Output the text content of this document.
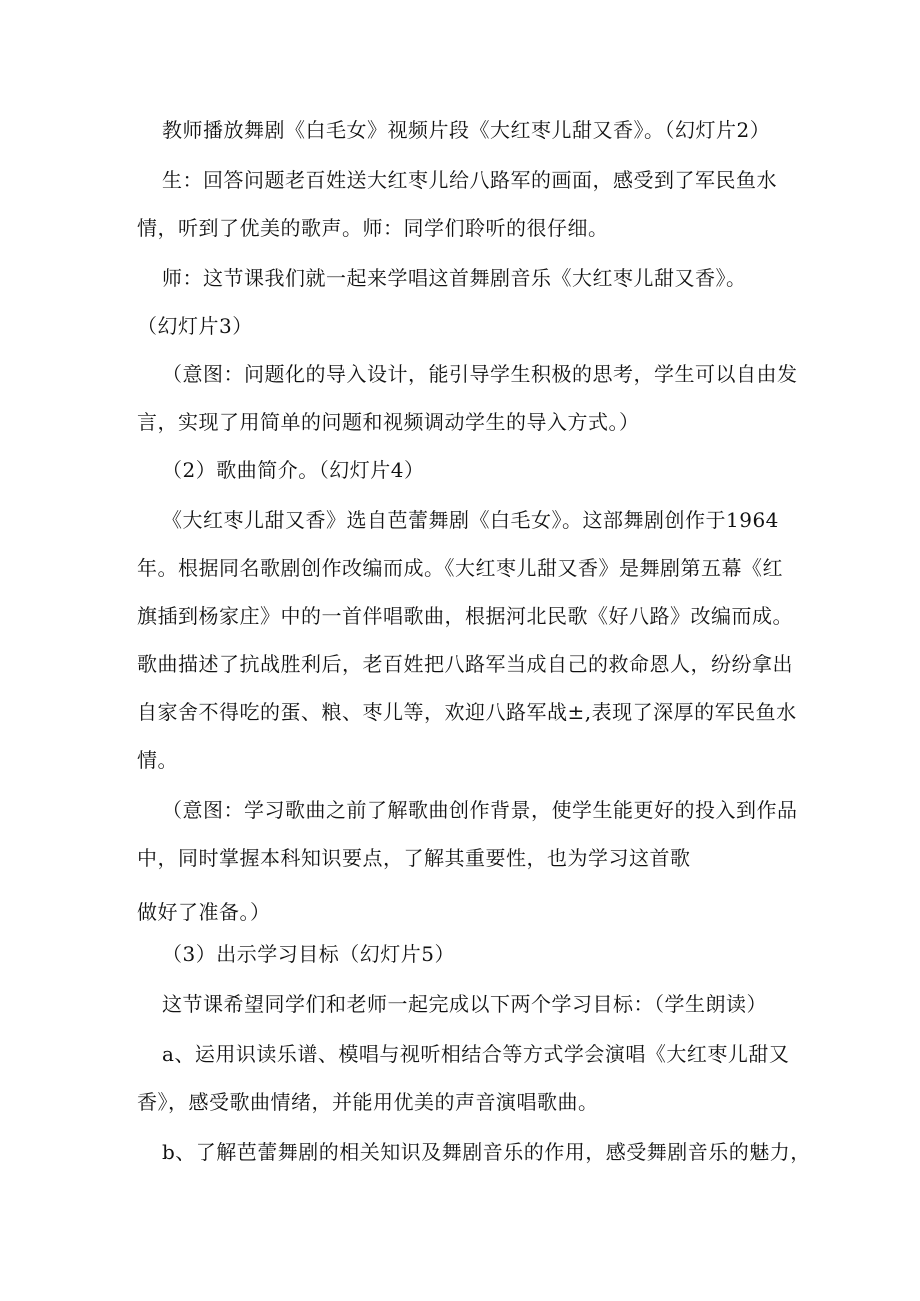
教师播放舞剧《白毛女》视频片段《大红枣儿甜又香》。（幻灯片2）
生：回答问题老百姓送大红枣儿给八路军的画面，感受到了军民鱼水
情，听到了优美的歌声。师：同学们聆听的很仔细。
师：这节课我们就一起来学唱这首舞剧音乐《大红枣儿甜又香》。
（幻灯片3）
（意图：问题化的导入设计，能引导学生积极的思考，学生可以自由发
言，实现了用简单的问题和视频调动学生的导入方式。）
（2）歌曲简介。（幻灯片4）
《大红枣儿甜又香》选自芭蕾舞剧《白毛女》。这部舞剧创作于1964
年。根据同名歌剧创作改编而成。《大红枣儿甜又香》是舞剧第五幕《红
旗插到杨家庄》中的一首伴唱歌曲，根据河北民歌《好八路》改编而成。
歌曲描述了抗战胜利后，老百姓把八路军当成自己的救命恩人，纷纷拿出
自家舍不得吃的蛋、粮、枣儿等，欢迎八路军战±,表现了深厚的军民鱼水
情。
（意图：学习歌曲之前了解歌曲创作背景，使学生能更好的投入到作品
中，同时掌握本科知识要点，了解其重要性，也为学习这首歌
做好了准备。）
（3）出示学习目标（幻灯片5）
这节课希望同学们和老师一起完成以下两个学习目标：（学生朗读）
a、运用识读乐谱、模唱与视听相结合等方式学会演唱《大红枣儿甜又
香》，感受歌曲情绪，并能用优美的声音演唱歌曲。
b、了解芭蕾舞剧的相关知识及舞剧音乐的作用，感受舞剧音乐的魅力，
